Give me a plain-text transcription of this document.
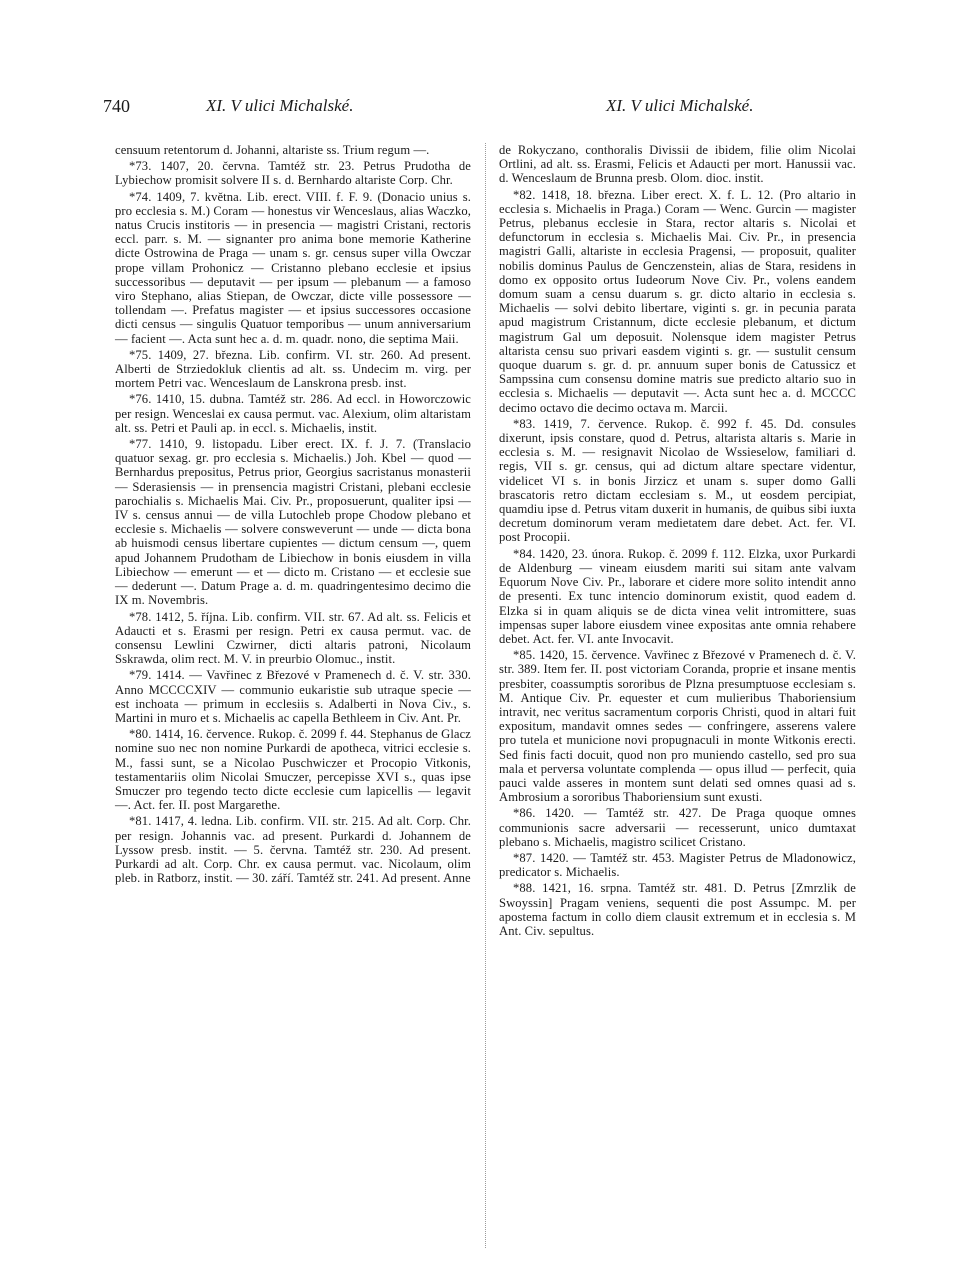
740	XI. V ulici Michalské.	XI. V ulici Michalské.

censuum retentorum d. Johanni, altariste ss. Trium regum —.

*73. 1407, 20. června. Tamtéž str. 23. Petrus Prudotha de Lybiechow promisit solvere II s. d. Bernhardo altariste Corp. Chr.

*74. 1409, 7. května. Lib. erect. VIII. f. F. 9. (Donacio unius s. pro ecclesia s. M.) Coram — honestus vir Wenceslaus, alias Waczko, natus Crucis institoris — in presencia — magistri Cristani, rectoris eccl. parr. s. M. — signanter pro anima bone memorie Katherine dicte Ostrowina de Praga — unam s. gr. census super villa Owczar prope villam Prohonicz — Cristanno plebano ecclesie et ipsius successoribus — deputavit — per ipsum — plebanum — a famoso viro Stephano, alias Stiepan, de Owczar, dicte ville possessore — tollendam —. Prefatus magister — et ipsius successores occasione dicti census — singulis Quatuor temporibus — unum anniversarium — facient —. Acta sunt hec a. d. m. quadr. nono, die septima Maii.

*75. 1409, 27. března. Lib. confirm. VI. str. 260. Ad present. Alberti de Strziedokluk clientis ad alt. ss. Undecim m. virg. per mortem Petri vac. Wenceslaum de Lanskrona presb. inst.

*76. 1410, 15. dubna. Tamtéž str. 286. Ad eccl. in Howorczowic per resign. Wenceslai ex causa permut. vac. Alexium, olim altaristam alt. ss. Petri et Pauli ap. in eccl. s. Michaelis, instit.

*77. 1410, 9. listopadu. Liber erect. IX. f. J. 7. (Translacio quatuor sexag. gr. pro ecclesia s. Michaelis.) Joh. Kbel — quod — Bernhardus prepositus, Petrus prior, Georgius sacristanus monasterii — Sderasiensis — in prensencia magistri Cristani, plebani ecclesie parochialis s. Michaelis Mai. Civ. Pr., proposuerunt, qualiter ipsi — IV s. census annui — de villa Lutochleb prope Chodow plebano et ecclesie s. Michaelis — solvere consweverunt — unde — dicta bona ab huismodi census libertare cupientes — dictum censum —, quem apud Johannem Prudotham de Libiechow in bonis eiusdem in villa Libiechow — emerunt — et — dicto m. Cristano — et ecclesie sue — dederunt —. Datum Prage a. d. m. quadringentesimo decimo die IX m. Novembris.

*78. 1412, 5. října. Lib. confirm. VII. str. 67. Ad alt. ss. Felicis et Adaucti et s. Erasmi per resign. Petri ex causa permut. vac. de consensu Lewlini Czwirner, dicti altaris patroni, Nicolaum Sskrawda, olim rect. M. V. in preurbio Olomuc., instit.

*79. 1414. — Vavřinec z Březové v Pramenech d. č. V. str. 330. Anno MCCCCXIV — communio eukaristie sub utraque specie — est inchoata — primum in ecclesiis s. Adalberti in Nova Civ., s. Martini in muro et s. Michaelis ac capella Bethleem in Civ. Ant. Pr.

*80. 1414, 16. července. Rukop. č. 2099 f. 44. Stephanus de Glacz nomine suo nec non nomine Purkardi de apotheca, vitrici ecclesie s. M., fassi sunt, se a Nicolao Puschwiczer et Procopio Vitkonis, testamentariis olim Nicolai Smuczer, percepisse XVI s., quas ipse Smuczer pro tegendo tecto dicte ecclesie cum lapicellis — legavit —. Act. fer. II. post Margarethe.

*81. 1417, 4. ledna. Lib. confirm. VII. str. 215. Ad alt. Corp. Chr. per resign. Johannis vac. ad present. Purkardi d. Johannem de Lyssow presb. instit. — 5. června. Tamtéž str. 230. Ad present. Purkardi ad alt. Corp. Chr. ex causa permut. vac. Nicolaum, olim pleb. in Ratborz, instit. — 30. září. Tamtéž str. 241. Ad present. Anne

de Rokyczano, conthoralis Divissii de ibidem, filie olim Nicolai Ortlini, ad alt. ss. Erasmi, Felicis et Adaucti per mort. Hanussii vac. d. Wenceslaum de Brunna presb. Olom. dioc. instit.

*82. 1418, 18. března. Liber erect. X. f. L. 12. (Pro altario in ecclesia s. Michaelis in Praga.) Coram — Wenc. Gurcin — magister Petrus, plebanus ecclesie in Stara, rector altaris s. Nicolai et defunctorum in ecclesia s. Michaelis Mai. Civ. Pr., in presencia magistri Galli, altariste in ecclesia Pragensi, — proposuit, qualiter nobilis dominus Paulus de Genczenstein, alias de Stara, residens in domo ex opposito ortus Iudeorum Nove Civ. Pr., volens eandem domum suam a censu duarum s. gr. dicto altario in ecclesia s. Michaelis — solvi debito libertare, viginti s. gr. in pecunia parata apud magistrum Cristannum, dicte ecclesie plebanum, et dictum magistrum Gal um deposuit. Nolensque idem magister Petrus altarista censu suo privari easdem viginti s. gr. — sustulit censum quoque duarum s. gr. d. pr. annuum super bonis de Catussicz et Sampssina cum consensu domine matris sue predicto altario suo in ecclesia s. Michaelis — deputavit —. Acta sunt hec a. d. MCCCC decimo octavo die decimo octava m. Marcii.

*83. 1419, 7. července. Rukop. č. 992 f. 45. Dd. consules dixerunt, ipsis constare, quod d. Petrus, altarista altaris s. Marie in ecclesia s. M. — resignavit Nicolao de Wssieselow, familiari d. regis, VII s. gr. census, qui ad dictum altare spectare videntur, videlicet VI s. in bonis Jirzicz et unam s. super domo Galli brascatoris retro dictam ecclesiam s. M., ut eosdem percipiat, quamdiu ipse d. Petrus vitam duxerit in humanis, de quibus sibi iuxta decretum dominorum veram medietatem dare debet. Act. fer. VI. post Procopii.

*84. 1420, 23. února. Rukop. č. 2099 f. 112. Elzka, uxor Purkardi de Aldenburg — vineam eiusdem mariti sui sitam ante valvam Equorum Nove Civ. Pr., laborare et cidere more solito intendit anno de presenti. Ex tunc intencio dominorum existit, quod eadem d. Elzka si in quam aliquis se de dicta vinea velit intromittere, suas impensas super labore eiusdem vinee expositas ante omnia rehabere debet. Act. fer. VI. ante Invocavit.

*85. 1420, 15. července. Vavřinec z Březové v Pramenech d. č. V. str. 389. Item fer. II. post victoriam Coranda, proprie et insane mentis presbiter, coassumptis sororibus de Plzna presumptuose ecclesiam s. M. Antique Civ. Pr. equester et cum mulieribus Thaboriensium intravit, nec veritus sacramentum corporis Christi, quod in altari fuit expositum, mandavit omnes sedes — confringere, asserens valere pro tutela et municione novi propugnaculi in monte Witkonis erecti. Sed finis facti docuit, quod non pro muniendo castello, sed pro sua mala et perversa voluntate complenda — opus illud — perfecit, quia pauci valde asseres in montem sunt delati sed omnes quasi ad s. Ambrosium a sororibus Thaboriensium sunt exusti.

*86. 1420. — Tamtéž str. 427. De Praga quoque omnes communionis sacre adversarii — recesserunt, unico dumtaxat plebano s. Michaelis, magistro scilicet Cristano.

*87. 1420. — Tamtéž str. 453. Magister Petrus de Mladonowicz, predicator s. Michaelis.

*88. 1421, 16. srpna. Tamtéž str. 481. D. Petrus [Zmrzlik de Swoyssin] Pragam veniens, sequenti die post Assumpc. M. per apostema factum in collo diem clausit extremum et in ecclesia s. M Ant. Civ. sepultus.
